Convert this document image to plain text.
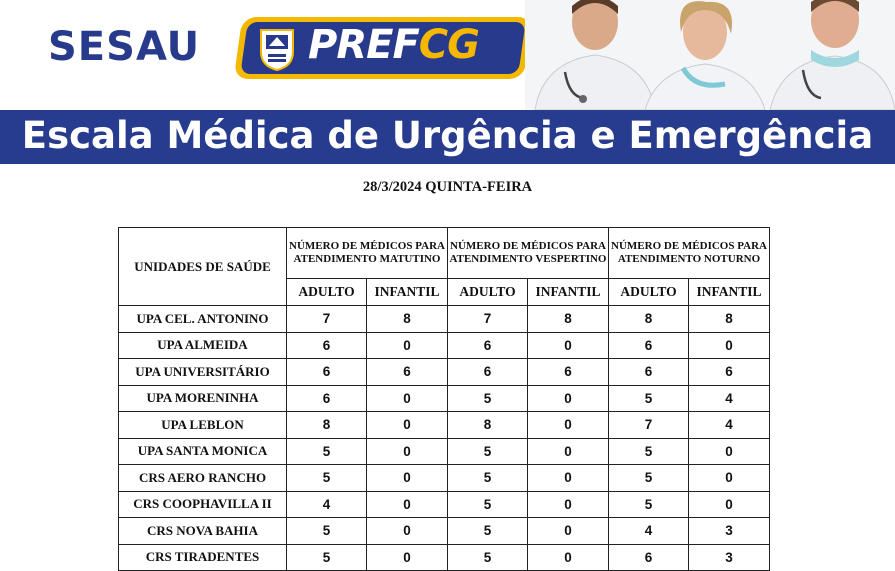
SESAU	PREFCG
Escala Médica de Urgência e Emergência
28/3/2024 QUINTA-FEIRA
UNIDADES DE SAÚDE	NÚMERO DE MÉDICOS PARA ATENDIMENTO MATUTINO		NÚMERO DE MÉDICOS PARA ATENDIMENTO VESPERTINO		NÚMERO DE MÉDICOS PARA ATENDIMENTO NOTURNO	
	ADULTO	INFANTIL	ADULTO	INFANTIL	ADULTO	INFANTIL
UPA CEL. ANTONINO	7	8	7	8	8	8
UPA ALMEIDA	6	0	6	0	6	0
UPA UNIVERSITÁRIO	6	6	6	6	6	6
UPA MORENINHA	6	0	5	0	5	4
UPA LEBLON	8	0	8	0	7	4
UPA SANTA MONICA	5	0	5	0	5	0
CRS AERO RANCHO	5	0	5	0	5	0
CRS COOPHAVILLA II	4	0	5	0	5	0
CRS NOVA BAHIA	5	0	5	0	4	3
CRS TIRADENTES	5	0	5	0	6	3
